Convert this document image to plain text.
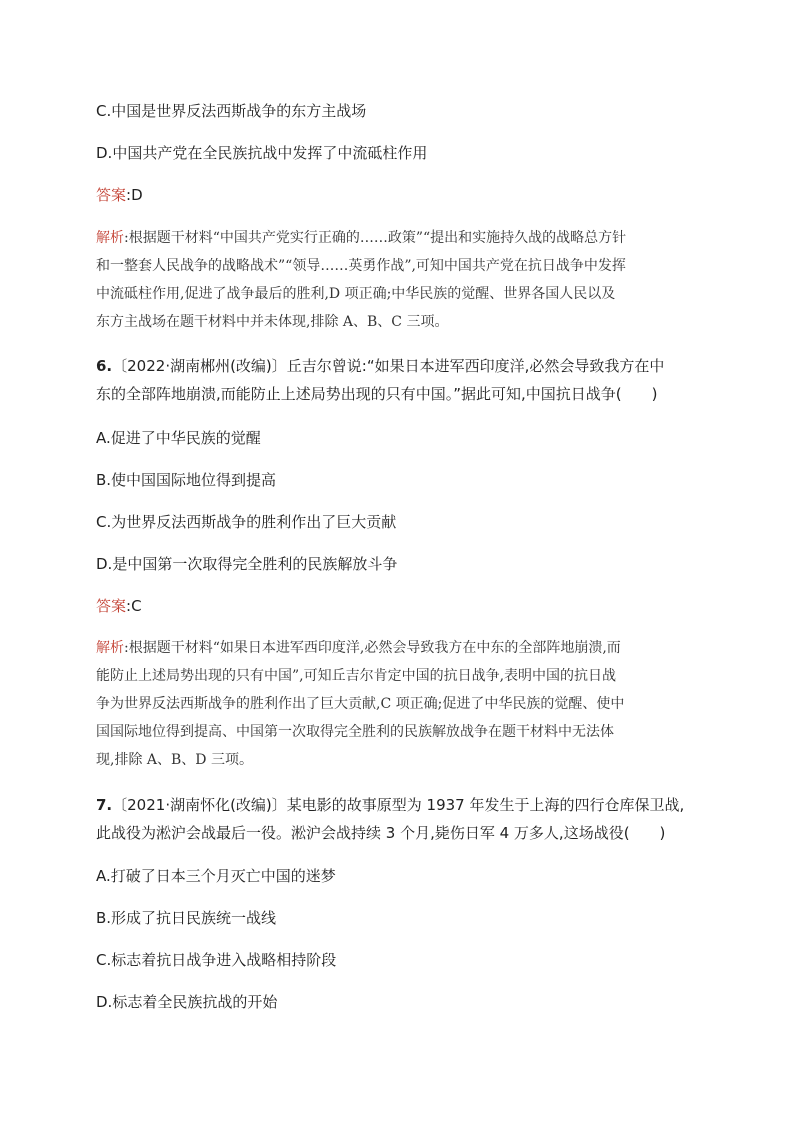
C.中国是世界反法西斯战争的东方主战场
D.中国共产党在全民族抗战中发挥了中流砥柱作用
答案:D
解析:根据题干材料“中国共产党实行正确的……政策”“提出和实施持久战的战略总方针
和一整套人民战争的战略战术”“领导……英勇作战”,可知中国共产党在抗日战争中发挥
中流砥柱作用,促进了战争最后的胜利,D 项正确;中华民族的觉醒、世界各国人民以及
东方主战场在题干材料中并未体现,排除 A、B、C 三项。
6.〔2022·湖南郴州(改编)〕丘吉尔曾说:“如果日本进军西印度洋,必然会导致我方在中
东的全部阵地崩溃,而能防止上述局势出现的只有中国。”据此可知,中国抗日战争(　　)
A.促进了中华民族的觉醒
B.使中国国际地位得到提高
C.为世界反法西斯战争的胜利作出了巨大贡献
D.是中国第一次取得完全胜利的民族解放斗争
答案:C
解析:根据题干材料“如果日本进军西印度洋,必然会导致我方在中东的全部阵地崩溃,而
能防止上述局势出现的只有中国”,可知丘吉尔肯定中国的抗日战争,表明中国的抗日战
争为世界反法西斯战争的胜利作出了巨大贡献,C 项正确;促进了中华民族的觉醒、使中
国国际地位得到提高、中国第一次取得完全胜利的民族解放战争在题干材料中无法体
现,排除 A、B、D 三项。
7.〔2021·湖南怀化(改编)〕某电影的故事原型为 1937 年发生于上海的四行仓库保卫战,
此战役为淞沪会战最后一役。淞沪会战持续 3 个月,毙伤日军 4 万多人,这场战役(　　)
A.打破了日本三个月灭亡中国的迷梦
B.形成了抗日民族统一战线
C.标志着抗日战争进入战略相持阶段
D.标志着全民族抗战的开始
